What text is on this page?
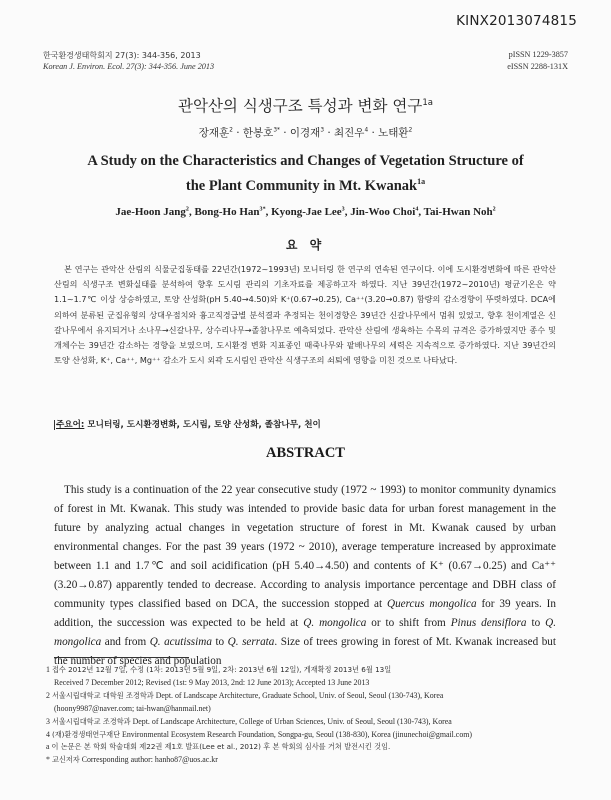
KINX2013074815
한국환경생태학회지 27(3): 344-356, 2013
Korean J. Environ. Ecol. 27(3): 344-356. June 2013
pISSN 1229-3857
eISSN 2288-131X
관악산의 식생구조 특성과 변화 연구$^{1a}$
장재훈$^2$ · 한봉호$^{3*}$ · 이경재$^3$ · 최진우$^4$ · 노태환$^2$
A Study on the Characteristics and Changes of Vegetation Structure of
the Plant Community in Mt. Kwanak$^{1a}$
Jae-Hoon Jang$^2$, Bong-Ho Han$^{3*}$, Kyong-Jae Lee$^3$, Jin-Woo Choi$^4$, Tai-Hwan Noh$^2$
요 약

본 연구는 관악산 산림의 식물군집동태를 22년간(1972~1993년) 모니터링 한 연구의 연속된 연구이다. 이에 도시환경변화에 따른 관악산 산림의 식생구조 변화실태를 분석하여 향후 도시림 관리의 기초자료를 제공하고자 하였다. 지난 39년간(1972~2010년) 평균기온은 약 1.1~1.7℃ 이상 상승하였고, 토양 산성화(pH 5.40→4.50)와 K⁺(0.67→0.25), Ca⁺⁺(3.20→0.87) 함량의 감소경향이 뚜렷하였다. DCA에 의하여 분류된 군집유형의 상대우점치와 흉고직경급별 분석결과 추정되는 천이경향은 39년간 신갈나무에서 멈춰 있었고, 향후 천이계열은 신갈나무에서 유지되거나 소나무→신갈나무, 상수리나무→졸참나무로 예측되었다. 관악산 산림에 생육하는 수목의 규격은 증가하였지만 종수 및 개체수는 39년간 감소하는 경향을 보였으며, 도시환경 변화 지표종인 때죽나무와 팥배나무의 세력은 지속적으로 증가하였다. 지난 39년간의 토양 산성화, K⁺, Ca⁺⁺, Mg⁺⁺ 감소가 도시 외곽 도시림인 관악산 식생구조의 쇠퇴에 영향을 미친 것으로 나타났다.

주요어: 모니터링, 도시환경변화, 도시림, 토양 산성화, 졸참나무, 천이
ABSTRACT

This study is a continuation of the 22 year consecutive study (1972 ~ 1993) to monitor community dynamics of forest in Mt. Kwanak. This study was intended to provide basic data for urban forest management in the future by analyzing actual changes in vegetation structure of forest in Mt. Kwanak caused by urban environmental changes. For the past 39 years (1972 ~ 2010), average temperature increased by approximate between 1.1 and 1.7℃ and soil acidification (pH 5.40→4.50) and contents of K⁺ (0.67→0.25) and Ca⁺⁺ (3.20→0.87) apparently tended to decrease. According to analysis importance percentage and DBH class of community types classified based on DCA, the succession stopped at Quercus mongolica for 39 years. In addition, the succession was expected to be held at Q. mongolica or to shift from Pinus densiflora to Q. mongolica and from Q. acutissima to Q. serrata. Size of trees growing in forest of Mt. Kwanak increased but the number of species and population

1 접수 2012년 12월 7일, 수정 (1차: 2013년 5월 9일, 2차: 2013년 6월 12일), 게재확정 2013년 6월 13일
Received 7 December 2012; Revised (1st: 9 May 2013, 2nd: 12 June 2013); Accepted 13 June 2013
2 서울시립대학교 대학원 조경학과 Dept. of Landscape Architecture, Graduate School, Univ. of Seoul, Seoul (130-743), Korea
(hoony9987@naver.com; tai-hwan@hanmail.net)
3 서울시립대학교 조경학과 Dept. of Landscape Architecture, College of Urban Sciences, Univ. of Seoul, Seoul (130-743), Korea
4 (재)환경생태연구재단 Environmental Ecosystem Research Foundation, Songpa-gu, Seoul (138-830), Korea (jinunechoi@gmail.com)
a 이 논문은 본 학회 학술대회 제22권 제1호 발표(Lee et al., 2012) 후 본 학회의 심사를 거쳐 발전시킨 것임.
* 교신저자 Corresponding author: hanho87@uos.ac.kr
